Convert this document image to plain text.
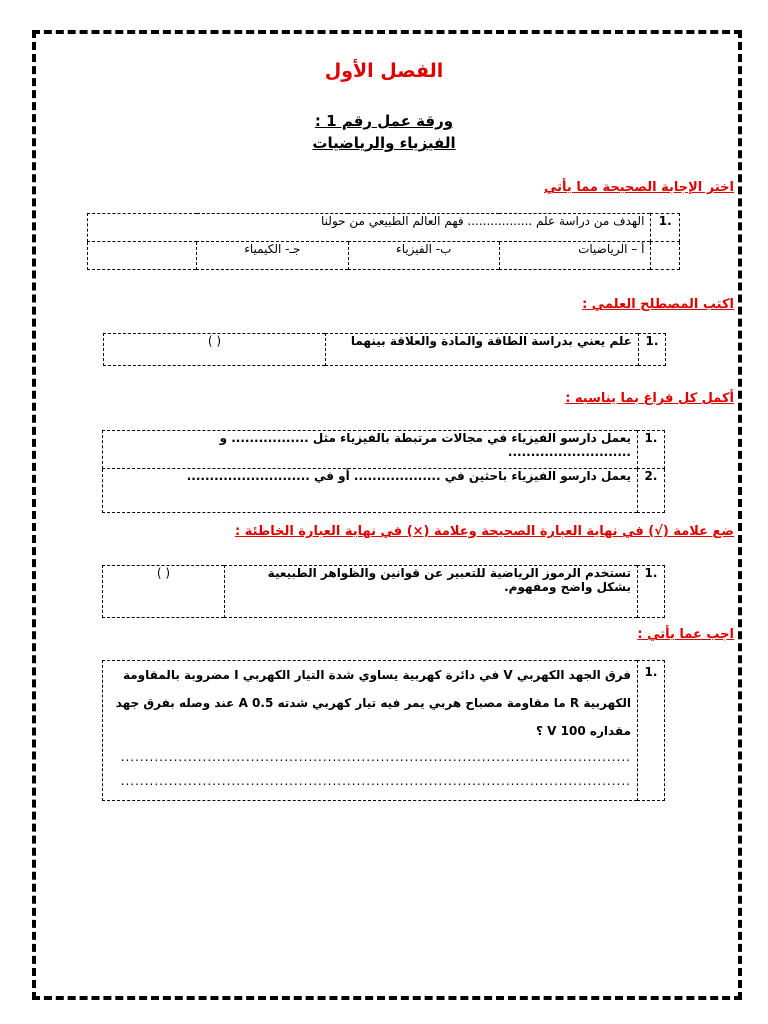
الفصل الأول
ورقة عمل رقم 1 :
الفيزياء والرياضيات
اختر الإجابة الصحيحة مما يأتي
.1	الهدف من دراسة علم ................. فهم العالم الطبيعي من حولنا			
	أ – الرياضيات	ب- الفيزياء	جـ- الكيمياء	
اكتب المصطلح العلمي :
.1	علم يعني بدراسة الطاقة والمادة والعلاقة بينهما	( )
أكمل كل فراغ بما يناسبه :
.1	يعمل دارسو الفيزياء في مجالات مرتبطة بالفيزياء مثل ................. و ...........................
.2	يعمل دارسو الفيزياء باحثين في ................... أو في ...........................
ضع علامة (√) في نهاية العبارة الصحيحة وعلامة (×) في نهاية العبارة الخاطئة :
.1	تستخدم الرموز الرياضية للتعبير عن قوانين والظواهر الطبيعية بشكل واضح ومفهوم.	( )
اجب عما يأتي :
.1	
فرق الجهد الكهربي V في دائرة كهربية يساوي شدة التيار الكهربي I مضروبة بالمقاومة
الكهربية R ما مقاومة مصباح هربي يمر فيه تيار كهربي شدته 0.5 A عند وصله بفرق جهد
مقداره 100 V ؟
..........................................................................................................
..........................................................................................................
